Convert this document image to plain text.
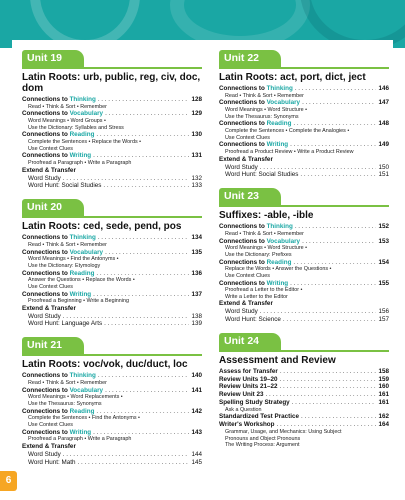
Unit 19
Latin Roots: urb, public, reg, civ, doc, dom
Connections to Thinking . . .	128
Read • Think & Sort • Remember
Connections to Vocabulary . . .	129
Word Meanings • Word Groups •
Use the Dictionary: Syllables and Stress
Connections to Reading . . .	130
Complete the Sentences • Replace the Words •
Use Context Clues
Connections to Writing . . .	131
Proofread a Paragraph • Write a Paragraph
Extend & Transfer
Word Study . . .	132
Word Hunt: Social Studies . . .	133
Unit 20
Latin Roots: ced, sede, pend, pos
Connections to Thinking . . .	134
Read • Think & Sort • Remember
Connections to Vocabulary . . .	135
Word Meanings • Find the Antonyms •
Use the Dictionary: Etymology
Connections to Reading . . .	136
Answer the Questions • Replace the Words •
Use Context Clues
Connections to Writing . . .	137
Proofread a Beginning • Write a Beginning
Extend & Transfer
Word Study . . .	138
Word Hunt: Language Arts . . .	139
Unit 21
Latin Roots: voc/vok, duc/duct, loc
Connections to Thinking . . .	140
Read • Think & Sort • Remember
Connections to Vocabulary . . .	141
Word Meanings • Word Replacements •
Use the Thesaurus: Synonyms
Connections to Reading . . .	142
Complete the Sentences • Find the Antonyms •
Use Context Clues
Connections to Writing . . .	143
Proofread a Paragraph • Write a Paragraph
Extend & Transfer
Word Study . . .	144
Word Hunt: Math . . .	145
Unit 22
Latin Roots: act, port, dict, ject
Connections to Thinking . . .	146
Read • Think & Sort • Remember
Connections to Vocabulary . . .	147
Word Meanings • Word Structure •
Use the Thesaurus: Synonyms
Connections to Reading . . .	148
Complete the Sentences • Complete the Analogies •
Use Context Clues
Connections to Writing . . .	149
Proofread a Product Review • Write a Product Review
Extend & Transfer
Word Study . . .	150
Word Hunt: Social Studies . . .	151
Unit 23
Suffixes: -able, -ible
Connections to Thinking . . .	152
Read • Think & Sort • Remember
Connections to Vocabulary . . .	153
Word Meanings • Word Structure •
Use the Dictionary: Prefixes
Connections to Reading . . .	154
Replace the Words • Answer the Questions •
Use Context Clues
Connections to Writing . . .	155
Proofread a Letter to the Editor •
Write a Letter to the Editor
Extend & Transfer
Word Study . . .	156
Word Hunt: Science . . .	157
Unit 24
Assessment and Review
Assess for Transfer . . .	158
Review Units 19–20 . . .	159
Review Units 21–22 . . .	160
Review Unit 23 . . .	161
Spelling Study Strategy . . .	161
Ask a Question
Standardized Test Practice . . .	162
Writer's Workshop . . .	164
Grammar, Usage, and Mechanics: Using Subject
Pronouns and Object Pronouns
The Writing Process: Argument
6
